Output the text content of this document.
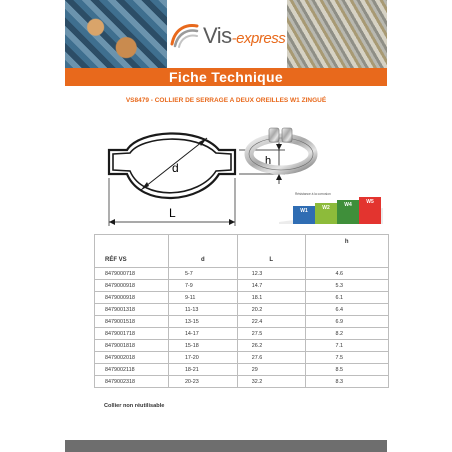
Vis-express
Fiche Technique
VS8479 - COLLIER DE SERRAGE A DEUX OREILLES W1 ZINGUÉ
d	h
L
Résistance à la corrosion
W1	W2	W4	W5
RÉF VS	d	L	h
8479000718	5-7	12.3	4.6
8479000918	7-9	14.7	5.3
8479000918	9-11	18.1	6.1
8479001318	11-13	20.2	6.4
8479001518	13-15	22.4	6.9
8479001718	14-17	27.5	8.2
8479001818	15-18	26.2	7.1
8479002018	17-20	27.6	7.5
8479002118	18-21	29	8.5
8479002318	20-23	32.2	8.3
Collier non réutilisable
